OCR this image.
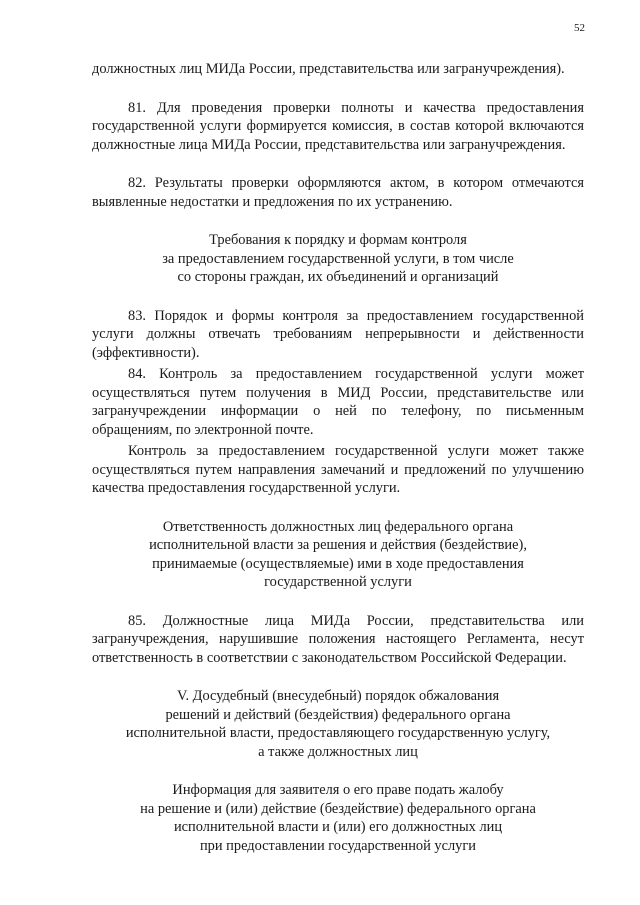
52

должностных лиц МИДа России, представительства или загранучреждения).

81. Для проведения проверки полноты и качества предоставления государственной услуги формируется комиссия, в состав которой включаются должностные лица МИДа России, представительства или загранучреждения.

82. Результаты проверки оформляются актом, в котором отмечаются выявленные недостатки и предложения по их устранению.

Требования к порядку и формам контроля
за предоставлением государственной услуги, в том числе
со стороны граждан, их объединений и организаций

83. Порядок и формы контроля за предоставлением государственной услуги должны отвечать требованиям непрерывности и действенности (эффективности).

84. Контроль за предоставлением государственной услуги может осуществляться путем получения в МИД России, представительстве или загранучреждении информации о ней по телефону, по письменным обращениям, по электронной почте.

Контроль за предоставлением государственной услуги может также осуществляться путем направления замечаний и предложений по улучшению качества предоставления государственной услуги.

Ответственность должностных лиц федерального органа
исполнительной власти за решения и действия (бездействие),
принимаемые (осуществляемые) ими в ходе предоставления
государственной услуги

85. Должностные лица МИДа России, представительства или загранучреждения, нарушившие положения настоящего Регламента, несут ответственность в соответствии с законодательством Российской Федерации.

V. Досудебный (внесудебный) порядок обжалования
решений и действий (бездействия) федерального органа
исполнительной власти, предоставляющего государственную услугу,
а также должностных лиц
Информация для заявителя о его праве подать жалобу
на решение и (или) действие (бездействие) федерального органа
исполнительной власти и (или) его должностных лиц
при предоставлении государственной услуги
